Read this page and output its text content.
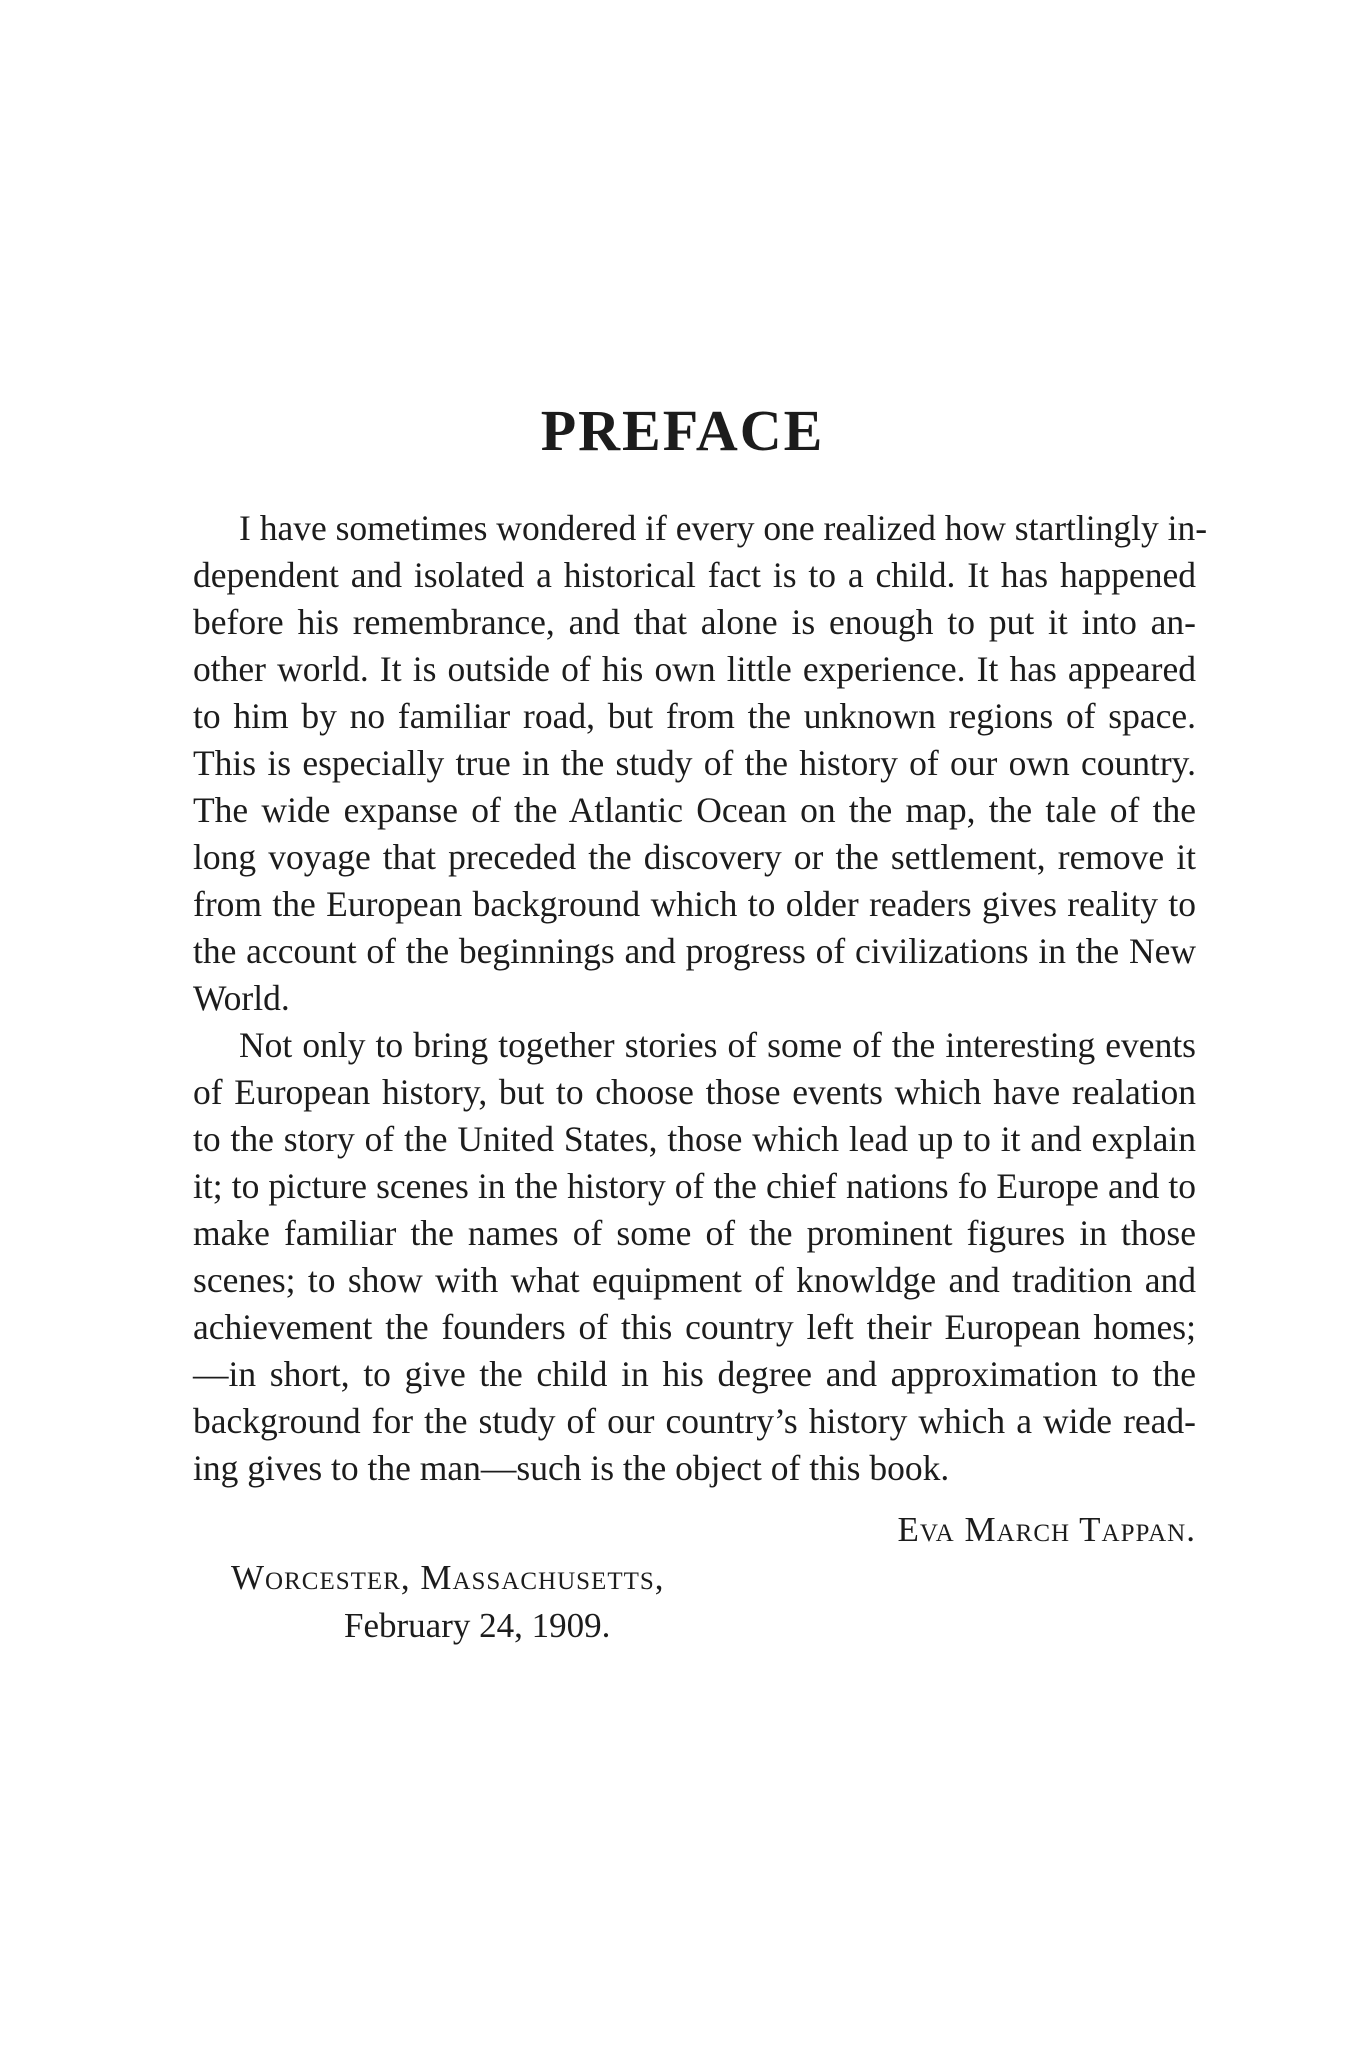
PREFACE
I have sometimes wondered if every one realized how startlingly in-
dependent and isolated a historical fact is to a child. It has happened
before his remembrance, and that alone is enough to put it into an-
other world. It is outside of his own little experience. It has appeared
to him by no familiar road, but from the unknown regions of space.
This is especially true in the study of the history of our own country.
The wide expanse of the Atlantic Ocean on the map, the tale of the
long voyage that preceded the discovery or the settlement, remove it
from the European background which to older readers gives reality to
the account of the beginnings and progress of civilizations in the New
World.
Not only to bring together stories of some of the interesting events
of European history, but to choose those events which have realation
to the story of the United States, those which lead up to it and explain
it; to picture scenes in the history of the chief nations fo Europe and to
make familiar the names of some of the prominent figures in those
scenes; to show with what equipment of knowldge and tradition and
achievement the founders of this country left their European homes;
—in short, to give the child in his degree and approximation to the
background for the study of our country’s history which a wide read-
ing gives to the man—such is the object of this book.
Eva March Tappan.
Worcester, Massachusetts,
February 24, 1909.
